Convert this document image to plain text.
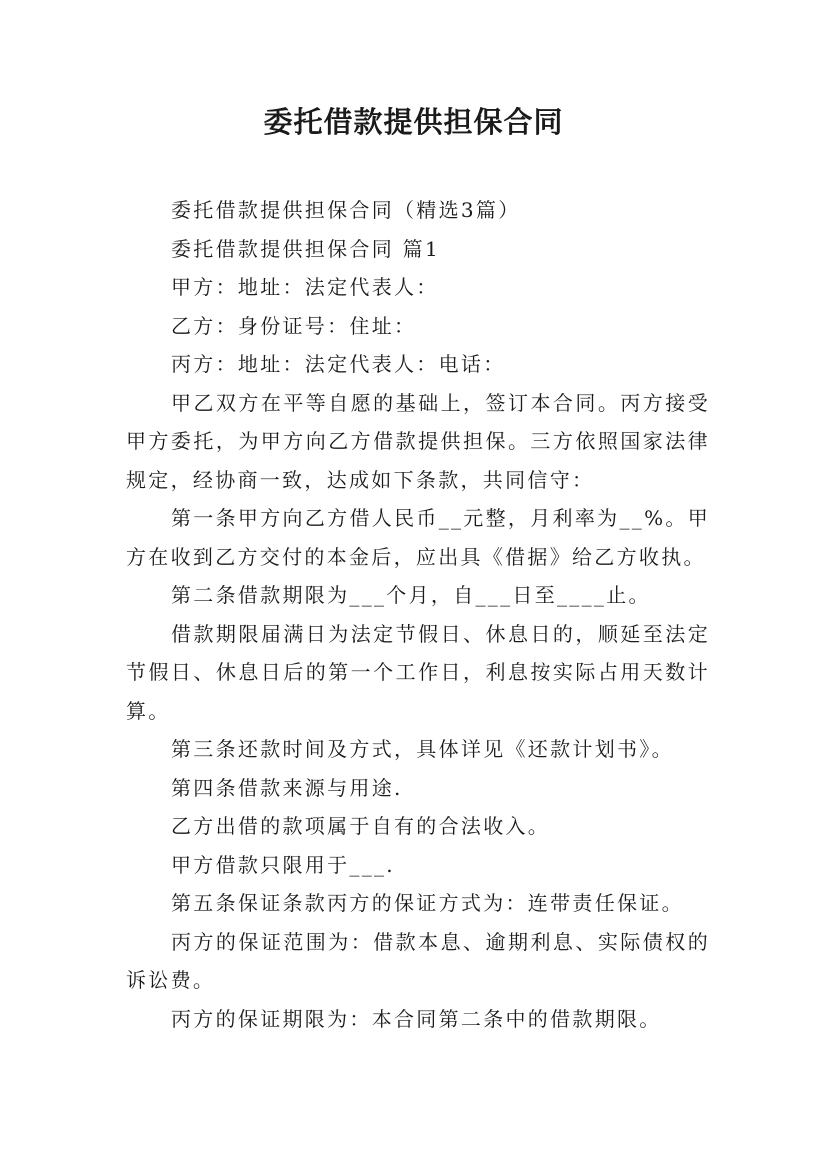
委托借款提供担保合同

委托借款提供担保合同（精选3篇）

委托借款提供担保合同 篇1

甲方：地址：法定代表人：

乙方：身份证号：住址：

丙方：地址：法定代表人：电话：

甲乙双方在平等自愿的基础上，签订本合同。丙方接受甲方委托，为甲方向乙方借款提供担保。三方依照国家法律规定，经协商一致，达成如下条款，共同信守：

第一条甲方向乙方借人民币__元整，月利率为__%。甲方在收到乙方交付的本金后，应出具《借据》给乙方收执。

第二条借款期限为___个月，自___日至____止。

借款期限届满日为法定节假日、休息日的，顺延至法定节假日、休息日后的第一个工作日，利息按实际占用天数计算。

第三条还款时间及方式，具体详见《还款计划书》。

第四条借款来源与用途.

乙方出借的款项属于自有的合法收入。

甲方借款只限用于___.

第五条保证条款丙方的保证方式为：连带责任保证。

丙方的保证范围为：借款本息、逾期利息、实际债权的诉讼费。

丙方的保证期限为：本合同第二条中的借款期限。
